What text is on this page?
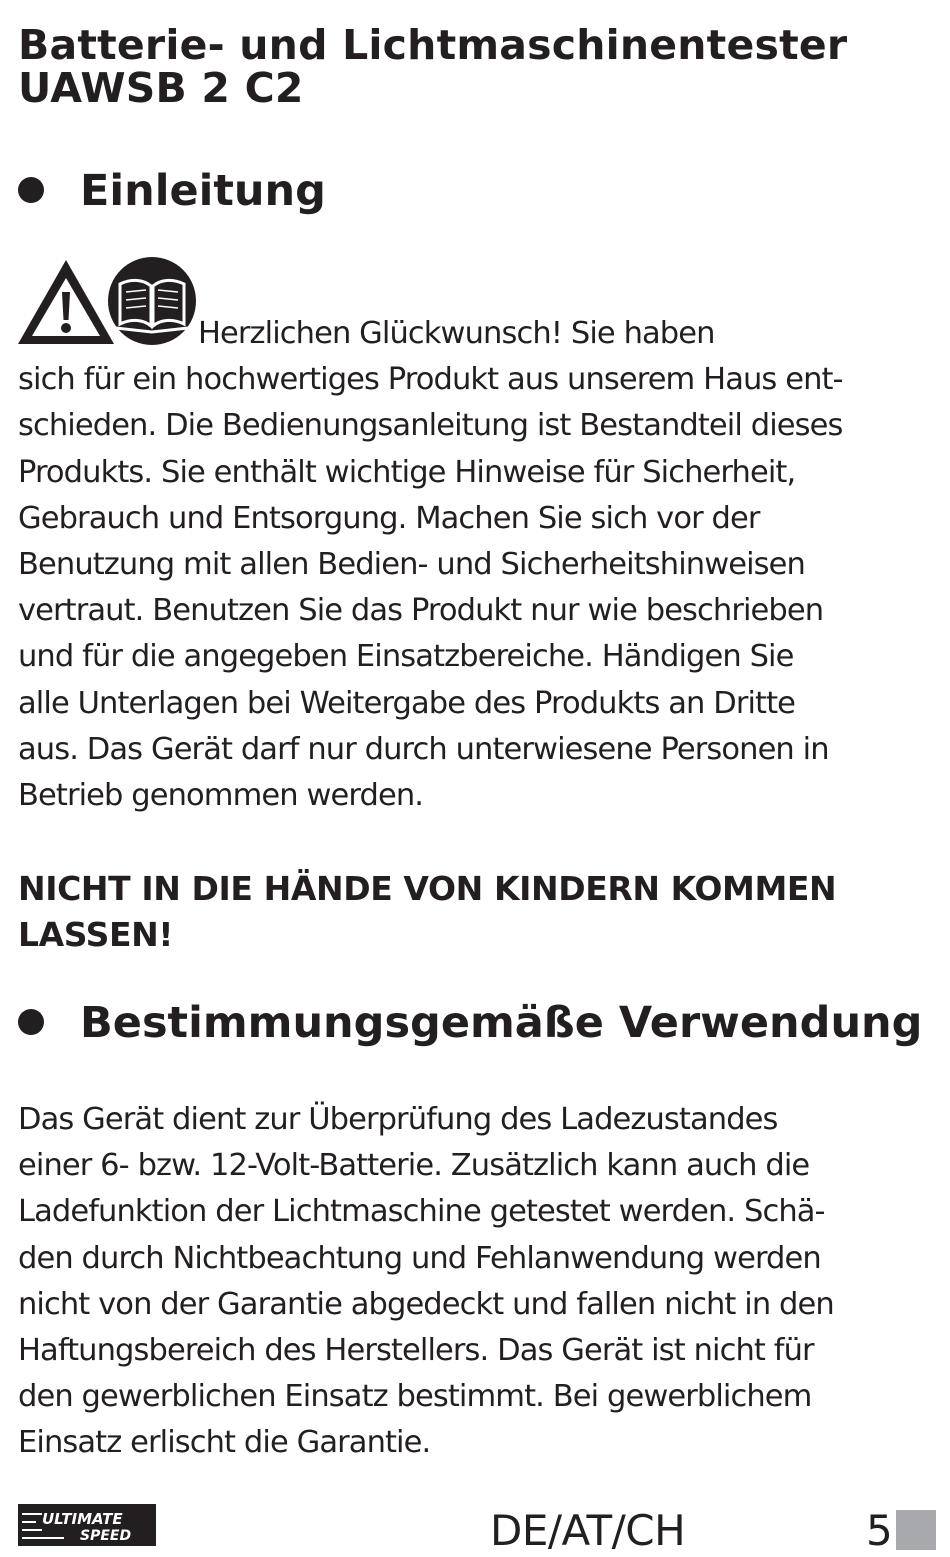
Batterie- und Lichtmaschinentester
UAWSB 2 C2
Einleitung
Herzlichen Glückwunsch! Sie haben
sich für ein hochwertiges Produkt aus unserem Haus ent-
schieden. Die Bedienungsanleitung ist Bestandteil dieses
Produkts. Sie enthält wichtige Hinweise für Sicherheit,
Gebrauch und Entsorgung. Machen Sie sich vor der
Benutzung mit allen Bedien- und Sicherheitshinweisen
vertraut. Benutzen Sie das Produkt nur wie beschrieben
und für die angegeben Einsatzbereiche. Händigen Sie
alle Unterlagen bei Weitergabe des Produkts an Dritte
aus. Das Gerät darf nur durch unterwiesene Personen in
Betrieb genommen werden.
NICHT IN DIE HÄNDE VON KINDERN KOMMEN
LASSEN!
Bestimmungsgemäße Verwendung
Das Gerät dient zur Überprüfung des Ladezustandes
einer 6- bzw. 12-Volt-Batterie. Zusätzlich kann auch die
Ladefunktion der Lichtmaschine getestet werden. Schä-
den durch Nichtbeachtung und Fehlanwendung werden
nicht von der Garantie abgedeckt und fallen nicht in den
Haftungsbereich des Herstellers. Das Gerät ist nicht für
den gewerblichen Einsatz bestimmt. Bei gewerblichem
Einsatz erlischt die Garantie.
ULTIMATE
SPEED	DE/AT/CH	5
